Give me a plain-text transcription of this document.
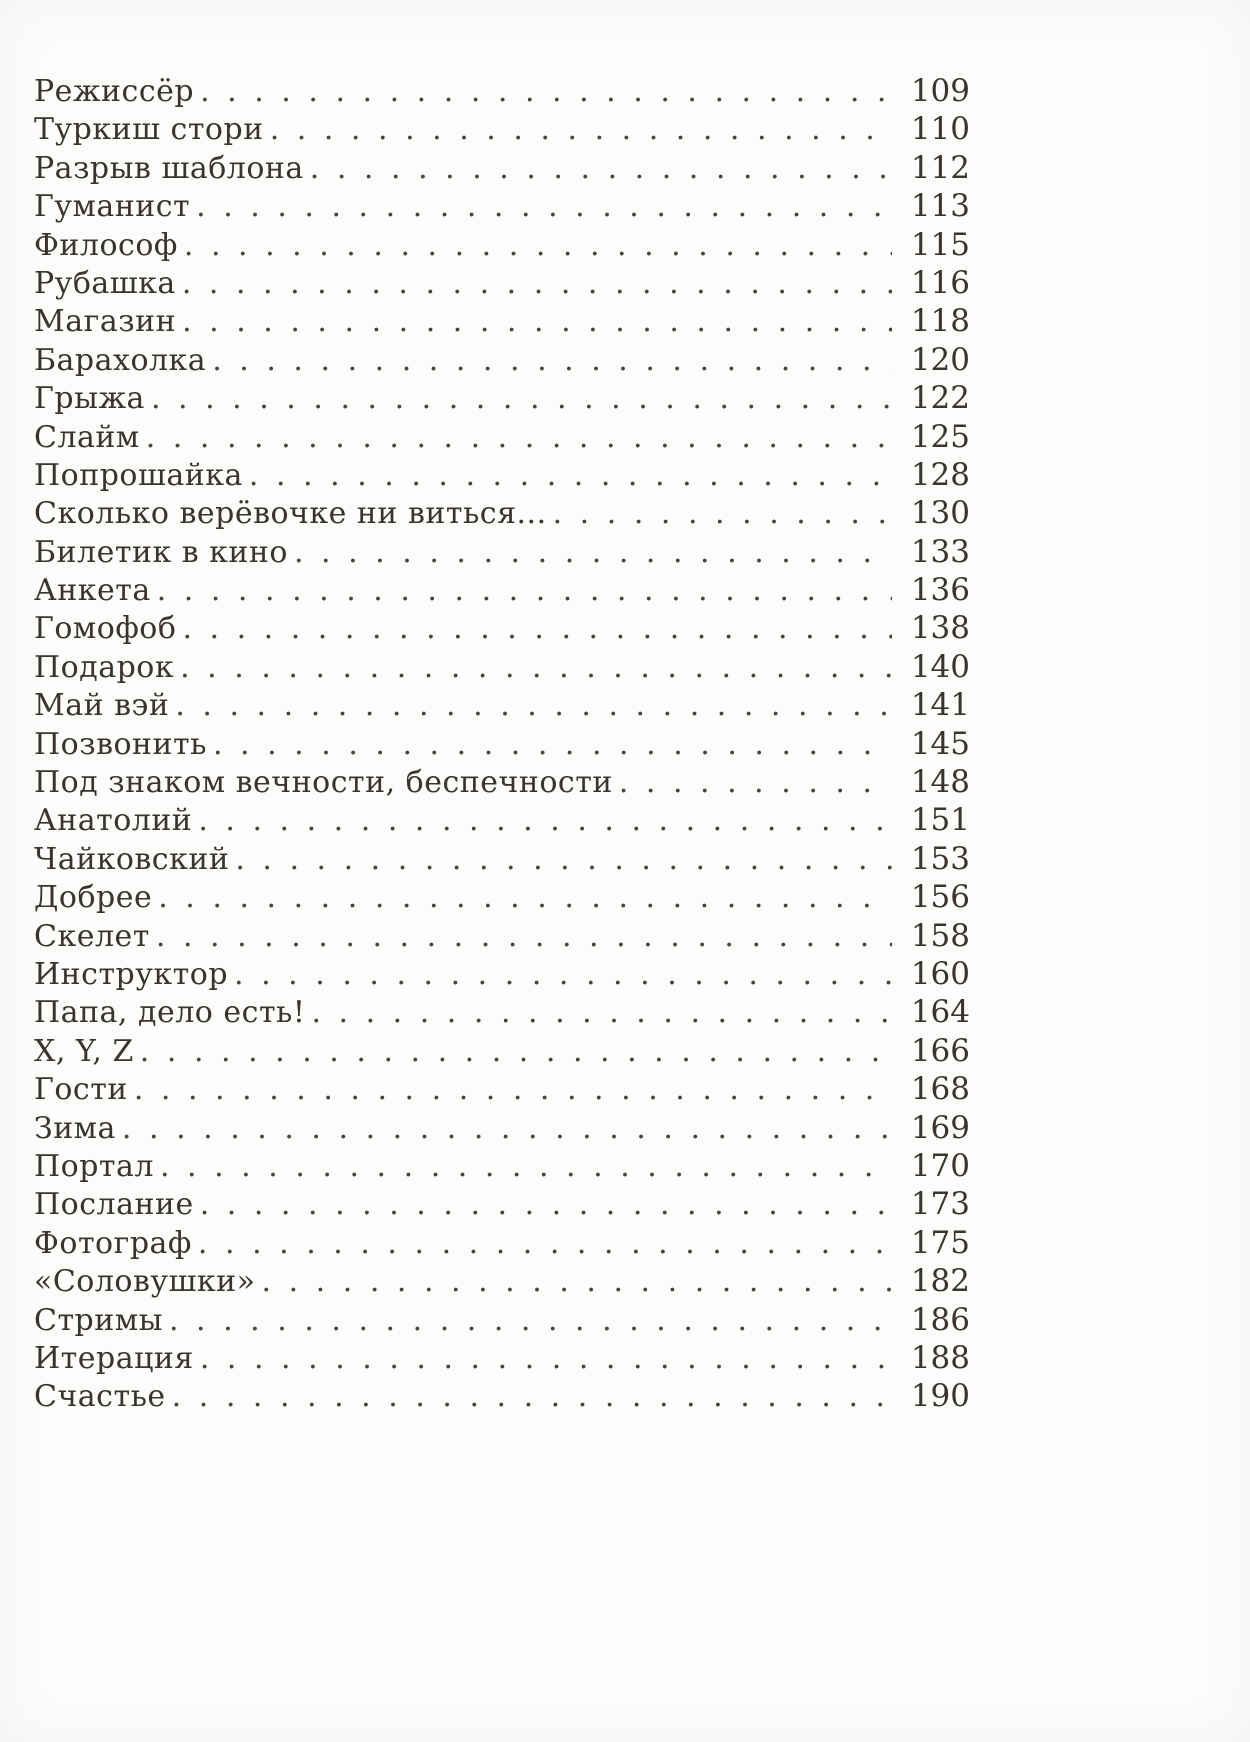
Режиссёр . . .	109
Туркиш стори . . .	110
Разрыв шаблона . . .	112
Гуманист . . .	113
Философ . . .	115
Рубашка . . .	116
Магазин . . .	118
Барахолка . . .	120
Грыжа . . .	122
Слайм . . .	125
Попрошайка . . .	128
Сколько верёвочке ни виться... . . .	130
Билетик в кино . . .	133
Анкета . . .	136
Гомофоб . . .	138
Подарок . . .	140
Май вэй . . .	141
Позвонить . . .	145
Под знаком вечности, беспечности . . .	148
Анатолий . . .	151
Чайковский . . .	153
Добрее . . .	156
Скелет . . .	158
Инструктор . . .	160
Папа, дело есть! . . .	164
X, Y, Z . . .	166
Гости . . .	168
Зима . . .	169
Портал . . .	170
Послание . . .	173
Фотограф . . .	175
«Соловушки» . . .	182
Стримы . . .	186
Итерация . . .	188
Счастье . . .	190
